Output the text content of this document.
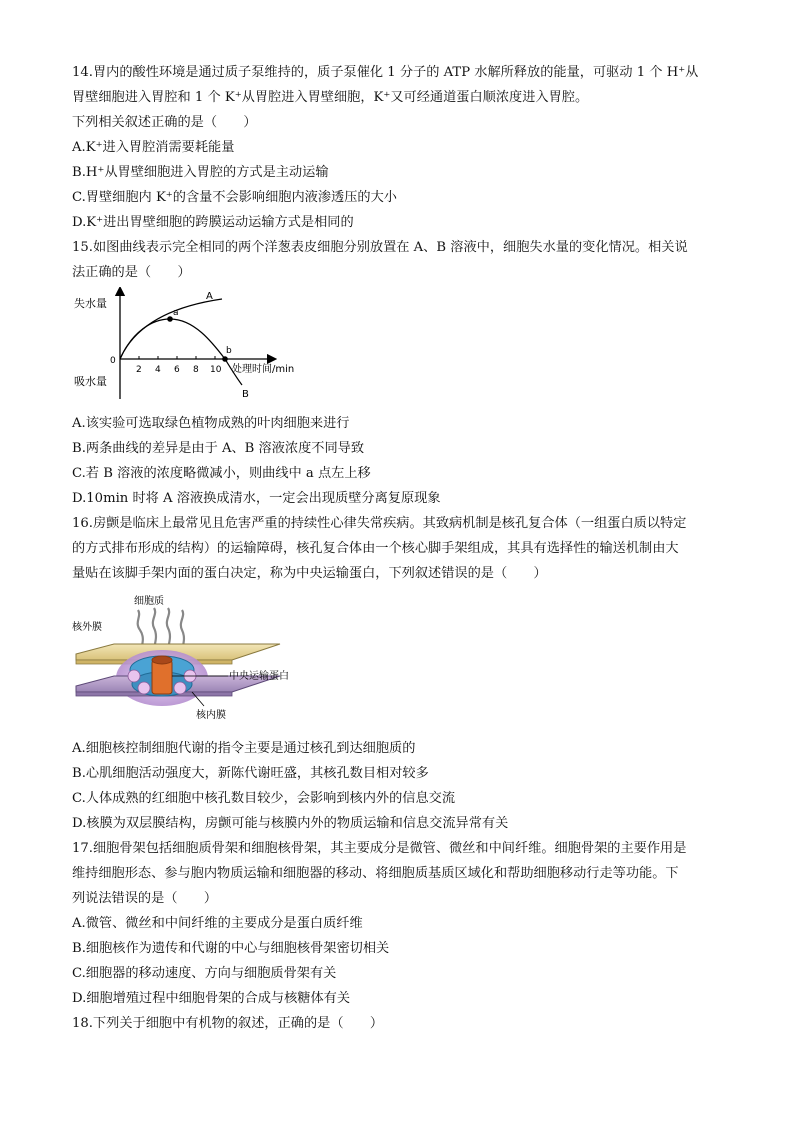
14.胃内的酸性环境是通过质子泵维持的，质子泵催化 1 分子的 ATP 水解所释放的能量，可驱动 1 个 H⁺从
胃壁细胞进入胃腔和 1 个 K⁺从胃腔进入胃壁细胞，K⁺又可经通道蛋白顺浓度进入胃腔。
下列相关叙述正确的是（　　）
A.K⁺进入胃腔消需要耗能量
B.H⁺从胃壁细胞进入胃腔的方式是主动运输
C.胃壁细胞内 K⁺的含量不会影响细胞内液渗透压的大小
D.K⁺进出胃壁细胞的跨膜运动运输方式是相同的
15.如图曲线表示完全相同的两个洋葱表皮细胞分别放置在 A、B 溶液中，细胞失水量的变化情况。相关说
法正确的是（　　）
失水量
吸水量
0
2 4 6 8 10 处理时间/min
A
B
a
b
A.该实验可选取绿色植物成熟的叶肉细胞来进行
B.两条曲线的差异是由于 A、B 溶液浓度不同导致
C.若 B 溶液的浓度略微减小，则曲线中 a 点左上移
D.10min 时将 A 溶液换成清水，一定会出现质壁分离复原现象
16.房颤是临床上最常见且危害严重的持续性心律失常疾病。其致病机制是核孔复合体（一组蛋白质以特定
的方式排布形成的结构）的运输障碍，核孔复合体由一个核心脚手架组成，其具有选择性的输送机制由大
量贴在该脚手架内面的蛋白决定，称为中央运输蛋白，下列叙述错误的是（　　）
细胞质
核外膜
中央运输蛋白
核内膜
A.细胞核控制细胞代谢的指令主要是通过核孔到达细胞质的
B.心肌细胞活动强度大，新陈代谢旺盛，其核孔数目相对较多
C.人体成熟的红细胞中核孔数目较少，会影响到核内外的信息交流
D.核膜为双层膜结构，房颤可能与核膜内外的物质运输和信息交流异常有关
17.细胞骨架包括细胞质骨架和细胞核骨架，其主要成分是微管、微丝和中间纤维。细胞骨架的主要作用是
维持细胞形态、参与胞内物质运输和细胞器的移动、将细胞质基质区域化和帮助细胞移动行走等功能。下
列说法错误的是（　　）
A.微管、微丝和中间纤维的主要成分是蛋白质纤维
B.细胞核作为遗传和代谢的中心与细胞核骨架密切相关
C.细胞器的移动速度、方向与细胞质骨架有关
D.细胞增殖过程中细胞骨架的合成与核糖体有关
18.下列关于细胞中有机物的叙述，正确的是（　　）
